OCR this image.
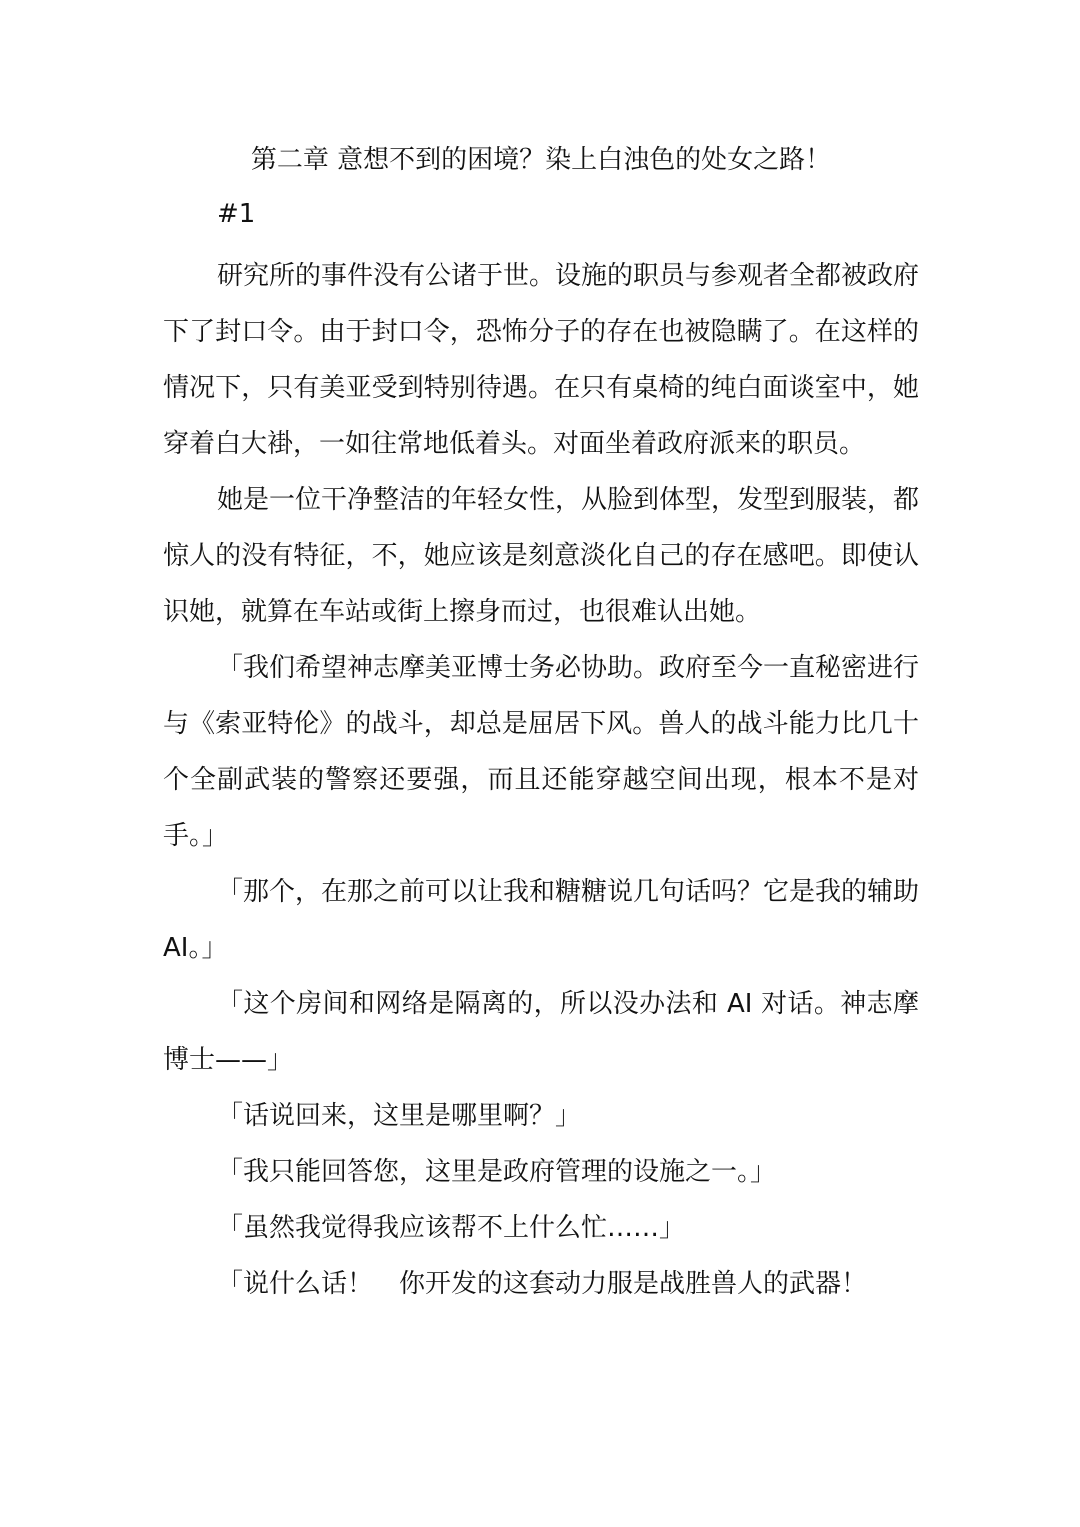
第二章 意想不到的困境？染上白浊色的处女之路！
#1

研究所的事件没有公诸于世。设施的职员与参观者全都被政府下了封口令。由于封口令，恐怖分子的存在也被隐瞒了。在这样的情况下，只有美亚受到特别待遇。在只有桌椅的纯白面谈室中，她穿着白大褂，一如往常地低着头。对面坐着政府派来的职员。

她是一位干净整洁的年轻女性，从脸到体型，发型到服装，都惊人的没有特征，不，她应该是刻意淡化自己的存在感吧。即使认识她，就算在车站或街上擦身而过，也很难认出她。

「我们希望神志摩美亚博士务必协助。政府至今一直秘密进行与《索亚特伦》的战斗，却总是屈居下风。兽人的战斗能力比几十个全副武装的警察还要强，而且还能穿越空间出现，根本不是对手。」

「那个，在那之前可以让我和糖糖说几句话吗？它是我的辅助 AI。」

「这个房间和网络是隔离的，所以没办法和 AI 对话。神志摩博士——」

「话说回来，这里是哪里啊？」

「我只能回答您，这里是政府管理的设施之一。」

「虽然我觉得我应该帮不上什么忙……」

「说什么话！　你开发的这套动力服是战胜兽人的武器！
